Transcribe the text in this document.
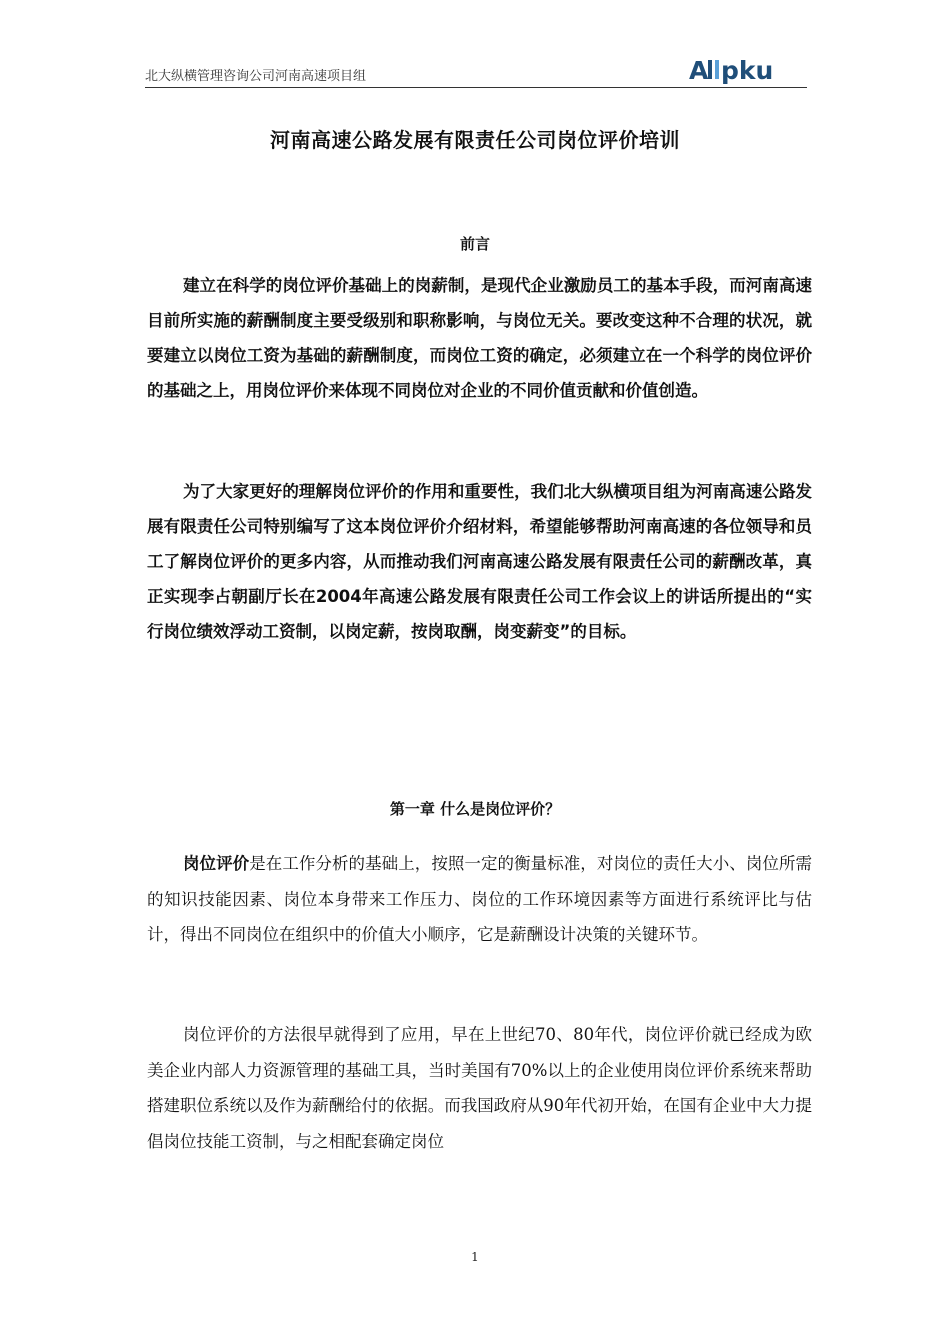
北大纵横管理咨询公司河南高速项目组	A pku
河南高速公路发展有限责任公司岗位评价培训
前言

建立在科学的岗位评价基础上的岗薪制，是现代企业激励员工的基本手段，而河南高速目前所实施的薪酬制度主要受级别和职称影响，与岗位无关。要改变这种不合理的状况，就要建立以岗位工资为基础的薪酬制度，而岗位工资的确定，必须建立在一个科学的岗位评价的基础之上，用岗位评价来体现不同岗位对企业的不同价值贡献和价值创造。

为了大家更好的理解岗位评价的作用和重要性，我们北大纵横项目组为河南高速公路发展有限责任公司特别编写了这本岗位评价介绍材料，希望能够帮助河南高速的各位领导和员工了解岗位评价的更多内容，从而推动我们河南高速公路发展有限责任公司的薪酬改革，真正实现李占朝副厅长在2004年高速公路发展有限责任公司工作会议上的讲话所提出的“实行岗位绩效浮动工资制，以岗定薪，按岗取酬，岗变薪变”的目标。

第一章 什么是岗位评价？

岗位评价是在工作分析的基础上，按照一定的衡量标准，对岗位的责任大小、岗位所需的知识技能因素、岗位本身带来工作压力、岗位的工作环境因素等方面进行系统评比与估计，得出不同岗位在组织中的价值大小顺序，它是薪酬设计决策的关键环节。

岗位评价的方法很早就得到了应用，早在上世纪70、80年代，岗位评价就已经成为欧美企业内部人力资源管理的基础工具，当时美国有70%以上的企业使用岗位评价系统来帮助搭建职位系统以及作为薪酬给付的依据。而我国政府从90年代初开始，在国有企业中大力提倡岗位技能工资制，与之相配套确定岗位

1
